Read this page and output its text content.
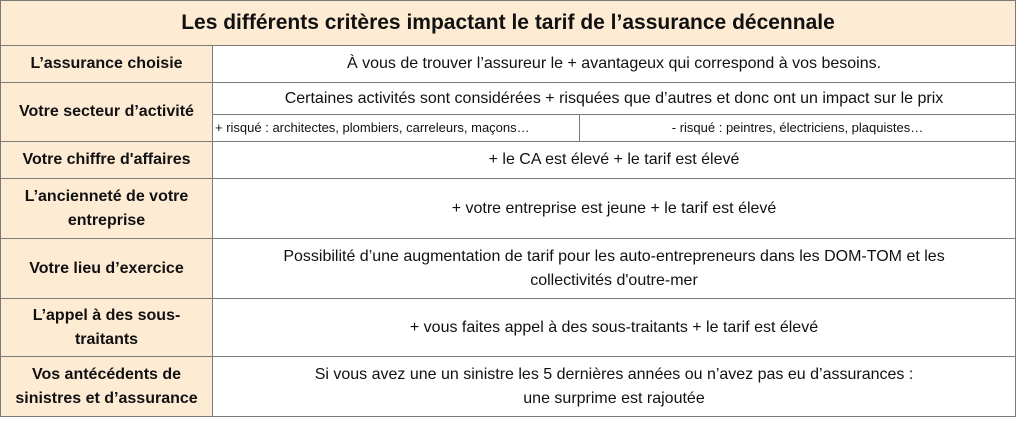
Les différents critères impactant le tarif de l’assurance décennale		
L’assurance choisie	À vous de trouver l’assureur le + avantageux qui correspond à vos besoins.	
Votre secteur d’activité	Certaines activités sont considérées + risquées que d’autres et donc ont un impact sur le prix	
	+ risqué : architectes, plombiers, carreleurs, maçons…	- risqué : peintres, électriciens, plaquistes…
Votre chiffre d'affaires	+ le CA est élevé + le tarif est élevé	
L’ancienneté de votre
entreprise	+ votre entreprise est jeune + le tarif est élevé	
Votre lieu d’exercice	Possibilité d’une augmentation de tarif pour les auto-entrepreneurs dans les DOM-TOM et les
collectivités d'outre-mer	
L’appel à des sous-
traitants	+ vous faites appel à des sous-traitants + le tarif est élevé	
Vos antécédents de
sinistres et d’assurance	Si vous avez une un sinistre les 5 dernières années ou n’avez pas eu d’assurances :
une surprime est rajoutée	
